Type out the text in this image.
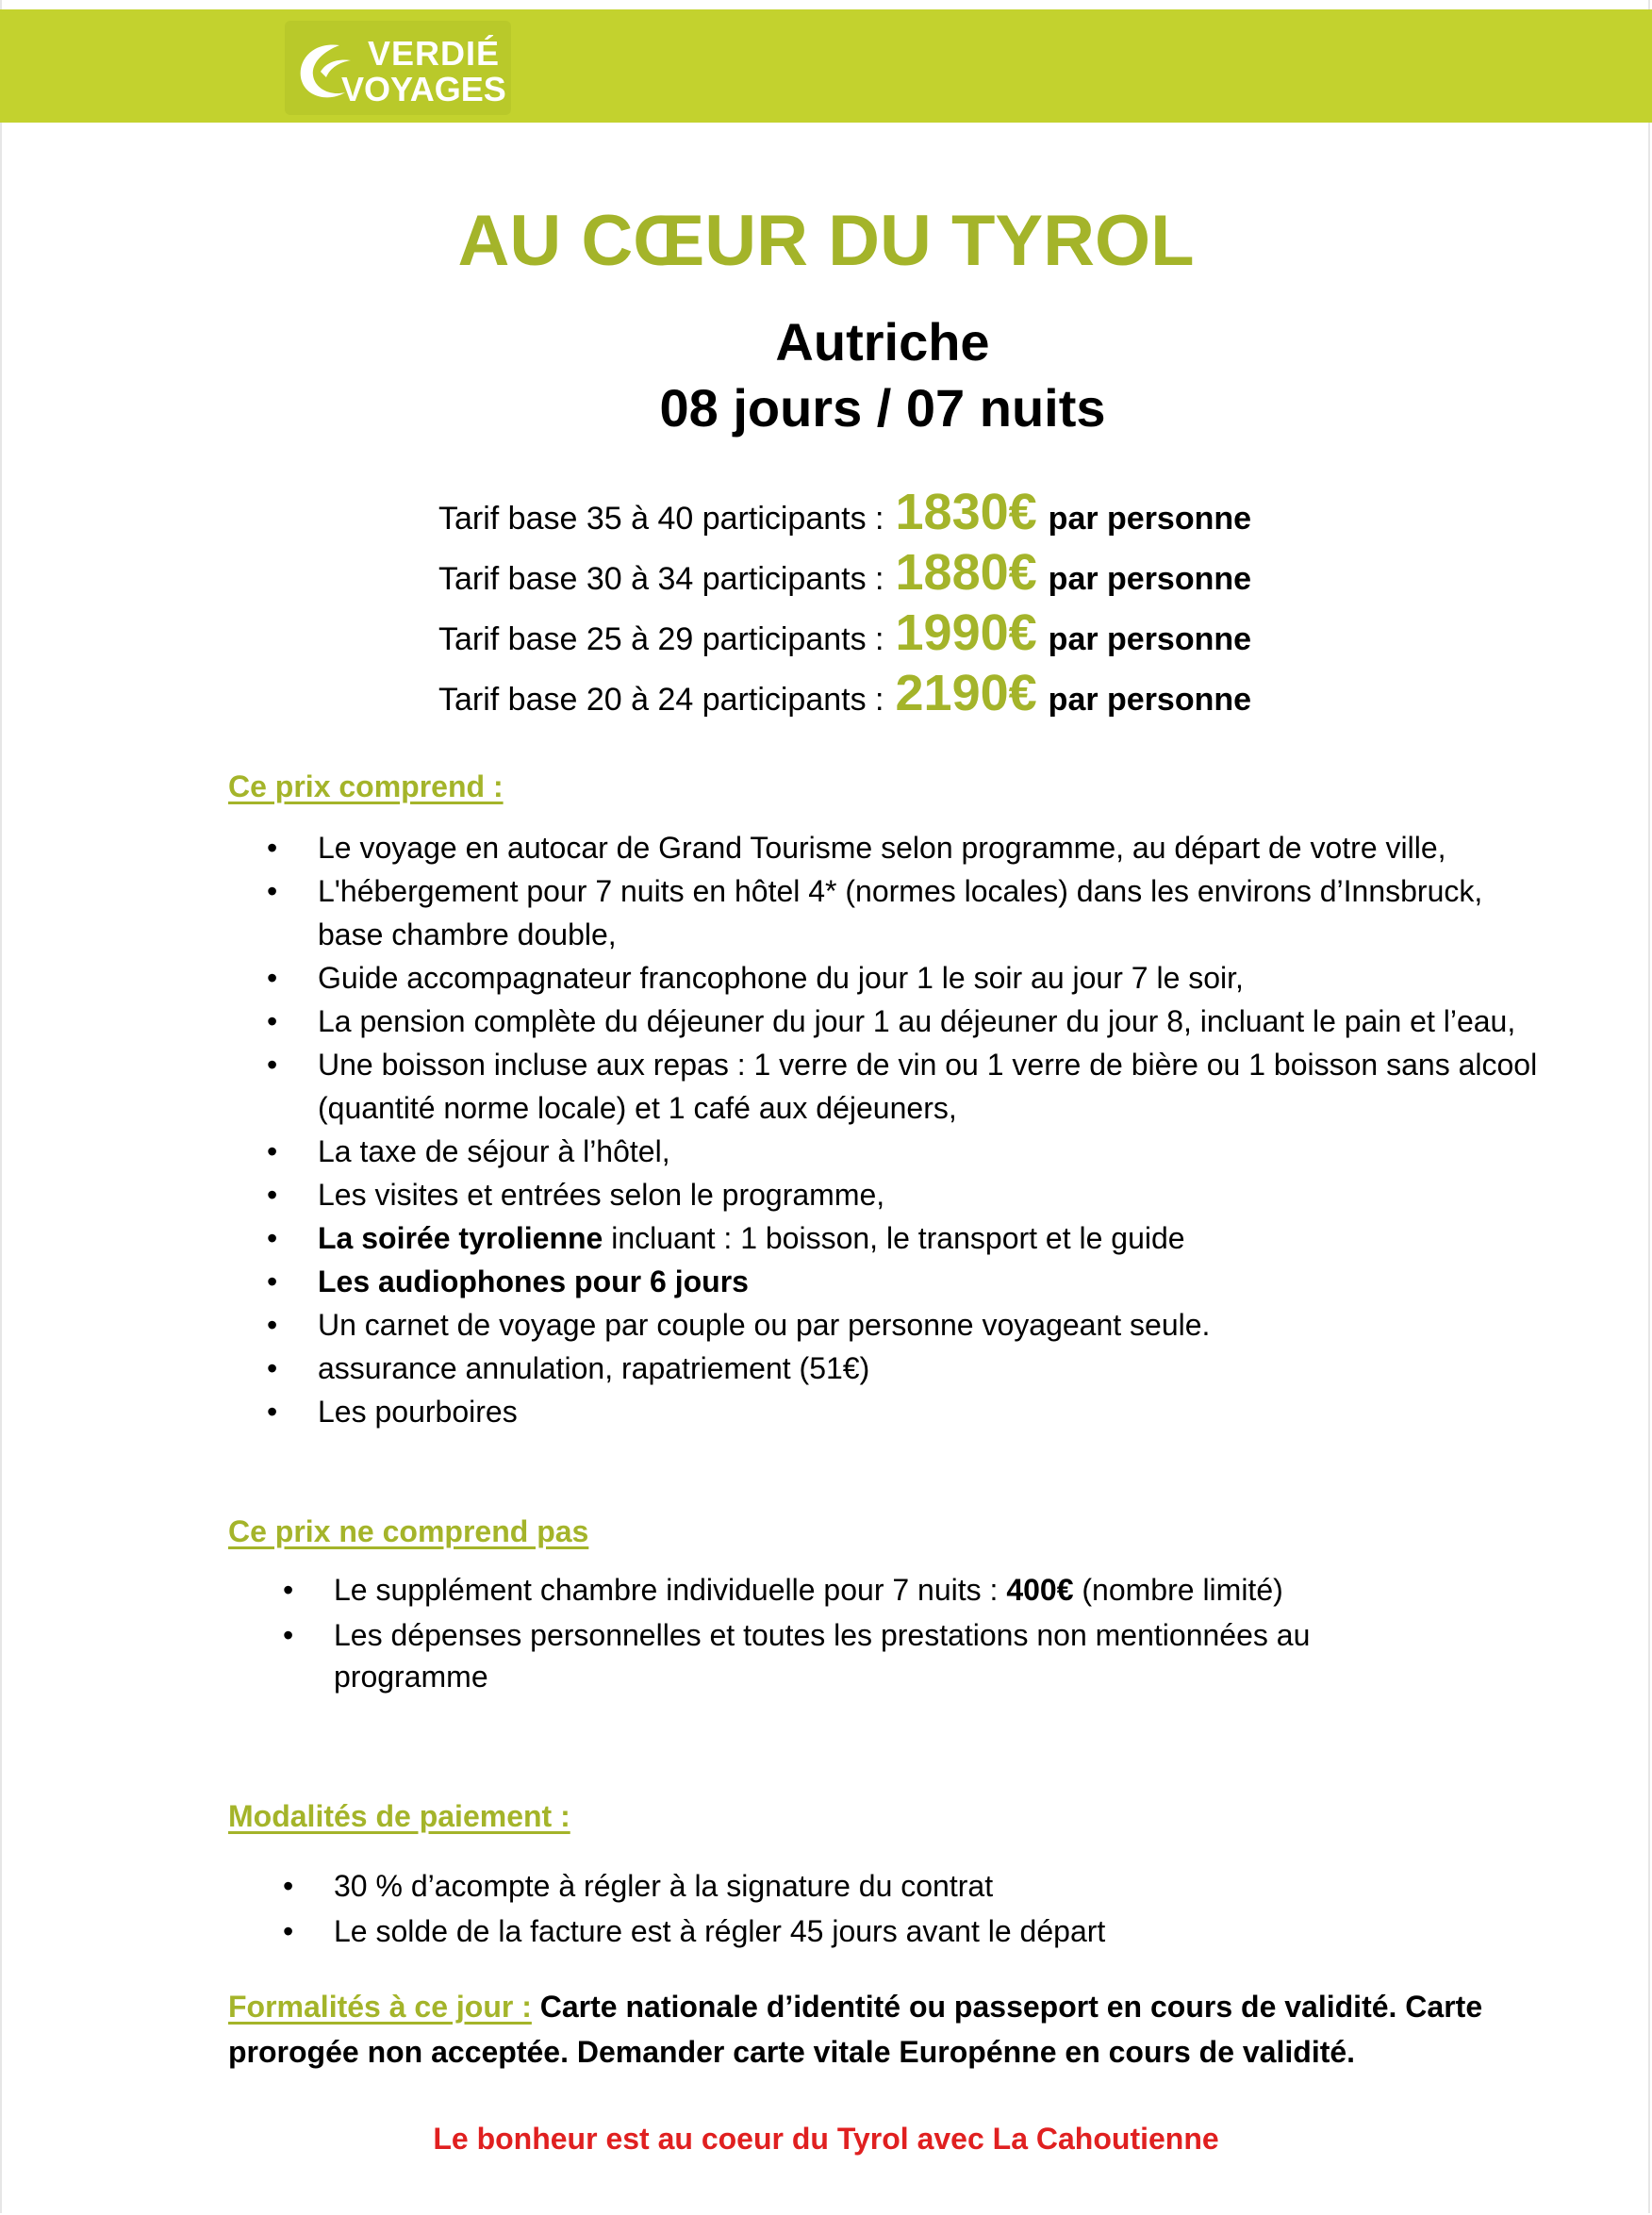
VERDIÉ
VOYAGES
AU CŒUR DU TYROL
Autriche
08 jours / 07 nuits
Tarif base 35 à 40 participants : 1830€ par personne
Tarif base 30 à 34 participants : 1880€ par personne
Tarif base 25 à 29 participants : 1990€ par personne
Tarif base 20 à 24 participants : 2190€ par personne
Ce prix comprend :
• Le voyage en autocar de Grand Tourisme selon programme, au départ de votre ville,
• L'hébergement pour 7 nuits en hôtel 4* (normes locales) dans les environs d’Innsbruck, base chambre double,
• Guide accompagnateur francophone du jour 1 le soir au jour 7 le soir,
• La pension complète du déjeuner du jour 1 au déjeuner du jour 8, incluant le pain et l’eau,
• Une boisson incluse aux repas : 1 verre de vin ou 1 verre de bière ou 1 boisson sans alcool (quantité norme locale) et 1 café aux déjeuners,
• La taxe de séjour à l’hôtel,
• Les visites et entrées selon le programme,
• La soirée tyrolienne incluant : 1 boisson, le transport et le guide
• Les audiophones pour 6 jours
• Un carnet de voyage par couple ou par personne voyageant seule.
• assurance annulation, rapatriement (51€)
• Les pourboires
Ce prix ne comprend pas
• Le supplément chambre individuelle pour 7 nuits : 400€ (nombre limité)
• Les dépenses personnelles et toutes les prestations non mentionnées au programme
Modalités de paiement :
• 30 % d’acompte à régler à la signature du contrat
• Le solde de la facture est à régler 45 jours avant le départ
Formalités à ce jour : Carte nationale d’identité ou passeport en cours de validité. Carte prorogée non acceptée. Demander carte vitale Europénne en cours de validité.
Le bonheur est au coeur du Tyrol avec La Cahoutienne
